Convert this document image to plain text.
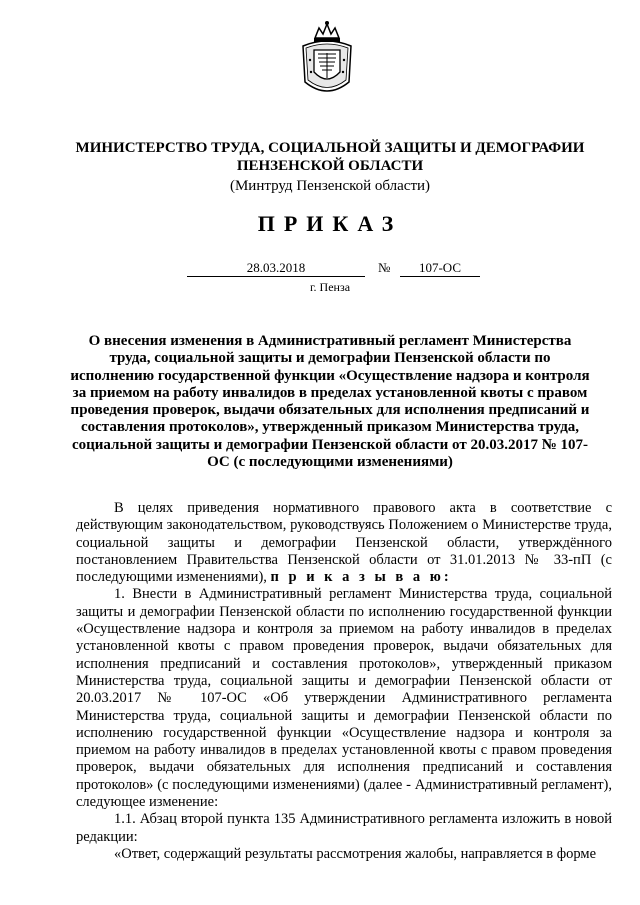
МИНИСТЕРСТВО ТРУДА, СОЦИАЛЬНОЙ ЗАЩИТЫ И ДЕМОГРАФИИ
ПЕНЗЕНСКОЙ ОБЛАСТИ
(Минтруд Пензенской области)
ПРИКАЗ
28.03.2018	№	107-ОС
г. Пенза
О внесения изменения в Административный регламент Министерства труда, социальной защиты и демографии Пензенской области по исполнению государственной функции «Осуществление надзора и контроля за приемом на работу инвалидов в пределах установленной квоты с правом проведения проверок, выдачи обязательных для исполнения предписаний и составления протоколов», утвержденный приказом Министерства труда, социальной защиты и демографии Пензенской области от 20.03.2017 № 107-ОС (с последующими изменениями)

В целях приведения нормативного правового акта в соответствие с действующим законодательством, руководствуясь Положением о Министерстве труда, социальной защиты и демографии Пензенской области, утверждённого постановлением Правительства Пензенской области от 31.01.2013 № 33-пП (с последующими изменениями), п р и к а з ы в а ю:

1. Внести в Административный регламент Министерства труда, социальной защиты и демографии Пензенской области по исполнению государственной функции «Осуществление надзора и контроля за приемом на работу инвалидов в пределах установленной квоты с правом проведения проверок, выдачи обязательных для исполнения предписаний и составления протоколов», утвержденный приказом Министерства труда, социальной защиты и демографии Пензенской области от 20.03.2017 № 107-ОС «Об утверждении Административного регламента Министерства труда, социальной защиты и демографии Пензенской области по исполнению государственной функции «Осуществление надзора и контроля за приемом на работу инвалидов в пределах установленной квоты с правом проведения проверок, выдачи обязательных для исполнения предписаний и составления протоколов» (с последующими изменениями) (далее - Административный регламент), следующее изменение:

1.1. Абзац второй пункта 135 Административного регламента изложить в новой редакции:

«Ответ, содержащий результаты рассмотрения жалобы, направляется в форме
